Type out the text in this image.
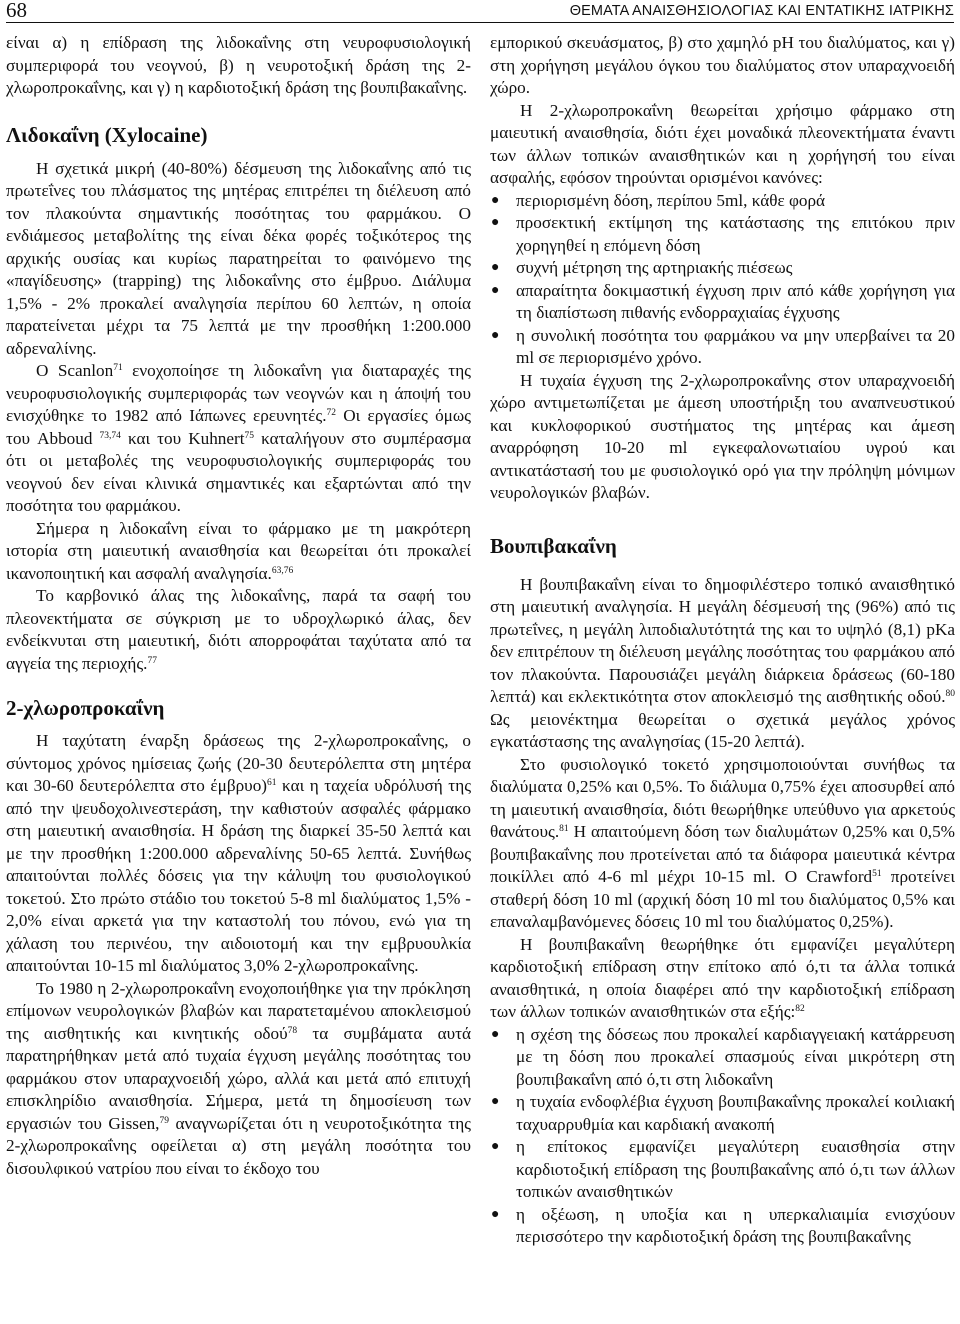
68	ΘΕΜΑΤΑ ΑΝΑΙΣΘΗΣΙΟΛΟΓΙΑΣ ΚΑΙ ΕΝΤΑΤΙΚΗΣ ΙΑΤΡΙΚΗΣ

είναι α) η επίδραση της λιδοκαΐνης στη νευροφυσιολογική συμπεριφορά του νεογνού, β) η νευροτοξική δράση της 2-χλωροπροκαΐνης, και γ) η καρδιοτοξική δράση της βουπιβακαΐνης.

Λιδοκαΐνη (Xylocaine)

Η σχετικά μικρή (40-80%) δέσμευση της λιδοκαΐνης από τις πρωτεΐνες του πλάσματος της μητέρας επιτρέπει τη διέλευση από τον πλακούντα σημαντικής ποσότητας του φαρμάκου. Ο ενδιάμεσος μεταβολίτης της είναι δέκα φορές τοξικότερος της αρχικής ουσίας και κυρίως παρατηρείται το φαινόμενο της «παγίδευσης» (trapping) της λιδοκαΐνης στο έμβρυο. Διάλυμα 1,5% - 2% προκαλεί αναλγησία περίπου 60 λεπτών, η οποία παρατείνεται μέχρι τα 75 λεπτά με την προσθήκη 1:200.000 αδρεναλίνης.

Ο Scanlon$^{71}$ ενοχοποίησε τη λιδοκαΐνη για διαταραχές της νευροφυσιολογικής συμπεριφοράς των νεογνών και η άποψή του ενισχύθηκε το 1982 από Ιάπωνες ερευνητές.$^{72}$ Οι εργασίες όμως του Abboud $^{73,74}$ και του Kuhnert$^{75}$ καταλήγουν στο συμπέρασμα ότι οι μεταβολές της νευροφυσιολογικής συμπεριφοράς του νεογνού δεν είναι κλινικά σημαντικές και εξαρτώνται από την ποσότητα του φαρμάκου.

Σήμερα η λιδοκαΐνη είναι το φάρμακο με τη μακρότερη ιστορία στη μαιευτική αναισθησία και θεωρείται ότι προκαλεί ικανοποιητική και ασφαλή αναλγησία.$^{63,76}$

Το καρβονικό άλας της λιδοκαΐνης, παρά τα σαφή του πλεονεκτήματα σε σύγκριση με το υδροχλωρικό άλας, δεν ενδείκνυται στη μαιευτική, διότι απορροφάται ταχύτατα από τα αγγεία της περιοχής.$^{77}$

2-χλωροπροκαΐνη

Η ταχύτατη έναρξη δράσεως της 2-χλωροπροκαΐνης, ο σύντομος χρόνος ημίσειας ζωής (20-30 δευτερόλεπτα στη μητέρα και 30-60 δευτερόλεπτα στο έμβρυο)$^{61}$ και η ταχεία υδρόλυσή της από την ψευδοχολινεστεράση, την καθιστούν ασφαλές φάρμακο στη μαιευτική αναισθησία. Η δράση της διαρκεί 35-50 λεπτά και με την προσθήκη 1:200.000 αδρεναλίνης 50-65 λεπτά. Συνήθως απαιτούνται πολλές δόσεις για την κάλυψη του φυσιολογικού τοκετού. Στο πρώτο στάδιο του τοκετού 5-8 ml διαλύματος 1,5% - 2,0% είναι αρκετά για την καταστολή του πόνου, ενώ για τη χάλαση του περινέου, την αιδοιοτομή και την εμβρυουλκία απαιτούνται 10-15 ml διαλύματος 3,0% 2-χλωροπροκαΐνης.

Το 1980 η 2-χλωροπροκαΐνη ενοχοποιήθηκε για την πρόκληση επίμονων νευρολογικών βλαβών και παρατεταμένου αποκλεισμού της αισθητικής και κινητικής οδού$^{78}$ τα συμβάματα αυτά παρατηρήθηκαν μετά από τυχαία έγχυση μεγάλης ποσότητας του φαρμάκου στον υπαραχνοειδή χώρο, αλλά και μετά από επιτυχή επισκληρίδιο αναισθησία. Σήμερα, μετά τη δημοσίευση των εργασιών του Gissen,$^{79}$ αναγνωρίζεται ότι η νευροτοξικότητα της 2-χλωροπροκαΐνης οφείλεται α) στη μεγάλη ποσότητα του δισουλφικού νατρίου που είναι το έκδοχο του

εμπορικού σκευάσματος, β) στο χαμηλό pH του διαλύματος, και γ) στη χορήγηση μεγάλου όγκου του διαλύματος στον υπαραχνοειδή χώρο.

Η 2-χλωροπροκαΐνη θεωρείται χρήσιμο φάρμακο στη μαιευτική αναισθησία, διότι έχει μοναδικά πλεονεκτήματα έναντι των άλλων τοπικών αναισθητικών και η χορήγησή του είναι ασφαλής, εφόσον τηρούνται ορισμένοι κανόνες:

● περιορισμένη δόση, περίπου 5ml, κάθε φορά
● προσεκτική εκτίμηση της κατάστασης της επιτόκου πριν χορηγηθεί η επόμενη δόση
● συχνή μέτρηση της αρτηριακής πιέσεως
● απαραίτητα δοκιμαστική έγχυση πριν από κάθε χορήγηση για τη διαπίστωση πιθανής ενδορραχιαίας έγχυσης
● η συνολική ποσότητα του φαρμάκου να μην υπερβαίνει τα 20 ml σε περιορισμένο χρόνο.

Η τυχαία έγχυση της 2-χλωροπροκαΐνης στον υπαραχνοειδή χώρο αντιμετωπίζεται με άμεση υποστήριξη του αναπνευστικού και κυκλοφορικού συστήματος της μητέρας και άμεση αναρρόφηση 10-20 ml εγκεφαλονωτιαίου υγρού και αντικατάστασή του με φυσιολογικό ορό για την πρόληψη μόνιμων νευρολογικών βλαβών.

Βουπιβακαΐνη

Η βουπιβακαΐνη είναι το δημοφιλέστερο τοπικό αναισθητικό στη μαιευτική αναλγησία. Η μεγάλη δέσμευσή της (96%) από τις πρωτεΐνες, η μεγάλη λιποδιαλυτότητά της και το υψηλό (8,1) pKa δεν επιτρέπουν τη διέλευση μεγάλης ποσότητας του φαρμάκου από τον πλακούντα. Παρουσιάζει μεγάλη διάρκεια δράσεως (60-180 λεπτά) και εκλεκτικότητα στον αποκλεισμό της αισθητικής οδού.$^{80}$ Ως μειονέκτημα θεωρείται ο σχετικά μεγάλος χρόνος εγκατάστασης της αναλγησίας (15-20 λεπτά).

Στο φυσιολογικό τοκετό χρησιμοποιούνται συνήθως τα διαλύματα 0,25% και 0,5%. Το διάλυμα 0,75% έχει αποσυρθεί από τη μαιευτική αναισθησία, διότι θεωρήθηκε υπεύθυνο για αρκετούς θανάτους.$^{81}$ Η απαιτούμενη δόση των διαλυμάτων 0,25% και 0,5% βουπιβακαΐνης που προτείνεται από τα διάφορα μαιευτικά κέντρα ποικίλλει από 4-6 ml μέχρι 10-15 ml. Ο Crawford$^{51}$ προτείνει σταθερή δόση 10 ml (αρχική δόση 10 ml του διαλύματος 0,5% και επαναλαμβανόμενες δόσεις 10 ml του διαλύματος 0,25%).

Η βουπιβακαΐνη θεωρήθηκε ότι εμφανίζει μεγαλύτερη καρδιοτοξική επίδραση στην επίτοκο από ό,τι τα άλλα τοπικά αναισθητικά, η οποία διαφέρει από την καρδιοτοξική επίδραση των άλλων τοπικών αναισθητικών στα εξής:$^{82}$

● η σχέση της δόσεως που προκαλεί καρδιαγγειακή κατάρρευση με τη δόση που προκαλεί σπασμούς είναι μικρότερη στη βουπιβακαΐνη από ό,τι στη λιδοκαΐνη
● η τυχαία ενδοφλέβια έγχυση βουπιβακαΐνης προκαλεί κοιλιακή ταχυαρρυθμία και καρδιακή ανακοπή
● η επίτοκος εμφανίζει μεγαλύτερη ευαισθησία στην καρδιοτοξική επίδραση της βουπιβακαΐνης από ό,τι των άλλων τοπικών αναισθητικών
● η οξέωση, η υποξία και η υπερκαλιαιμία ενισχύουν περισσότερο την καρδιοτοξική δράση της βουπιβακαΐνης
